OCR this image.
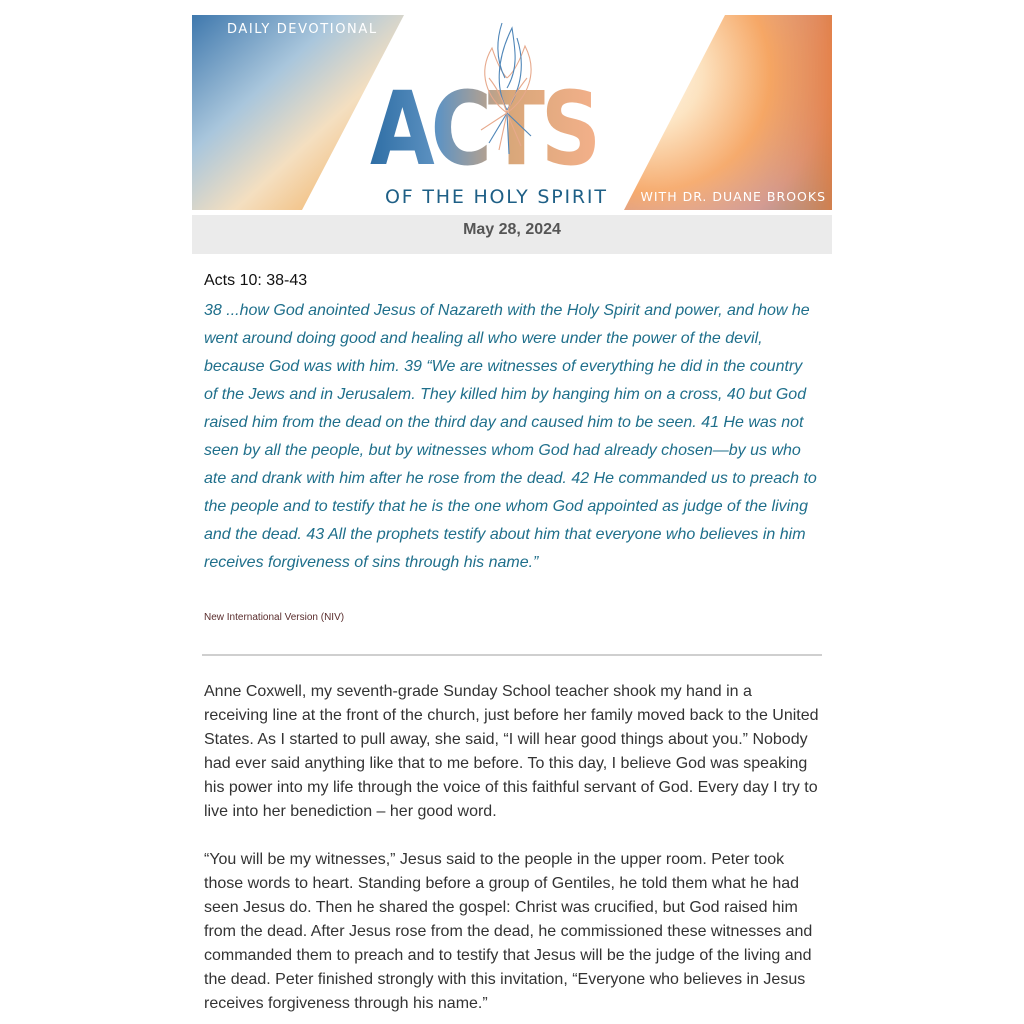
DAILY DEVOTIONAL
ACTS
OF THE HOLY SPIRIT	WITH DR. DUANE BROOKS
May 28, 2024
Acts 10: 38-43
38 ...how God anointed Jesus of Nazareth with the Holy Spirit and power, and how he went around doing good and healing all who were under the power of the devil, because God was with him. 39 “We are witnesses of everything he did in the country of the Jews and in Jerusalem. They killed him by hanging him on a cross, 40 but God raised him from the dead on the third day and caused him to be seen. 41 He was not seen by all the people, but by witnesses whom God had already chosen—by us who ate and drank with him after he rose from the dead. 42 He commanded us to preach to the people and to testify that he is the one whom God appointed as judge of the living and the dead. 43 All the prophets testify about him that everyone who believes in him receives forgiveness of sins through his name.”
New International Version (NIV)
Anne Coxwell, my seventh-grade Sunday School teacher shook my hand in a receiving line at the front of the church, just before her family moved back to the United States. As I started to pull away, she said, “I will hear good things about you.” Nobody had ever said anything like that to me before. To this day, I believe God was speaking his power into my life through the voice of this faithful servant of God. Every day I try to live into her benediction – her good word.
“You will be my witnesses,” Jesus said to the people in the upper room. Peter took those words to heart. Standing before a group of Gentiles, he told them what he had seen Jesus do. Then he shared the gospel: Christ was crucified, but God raised him from the dead. After Jesus rose from the dead, he commissioned these witnesses and commanded them to preach and to testify that Jesus will be the judge of the living and the dead. Peter finished strongly with this invitation, “Everyone who believes in Jesus receives forgiveness through his name.”
